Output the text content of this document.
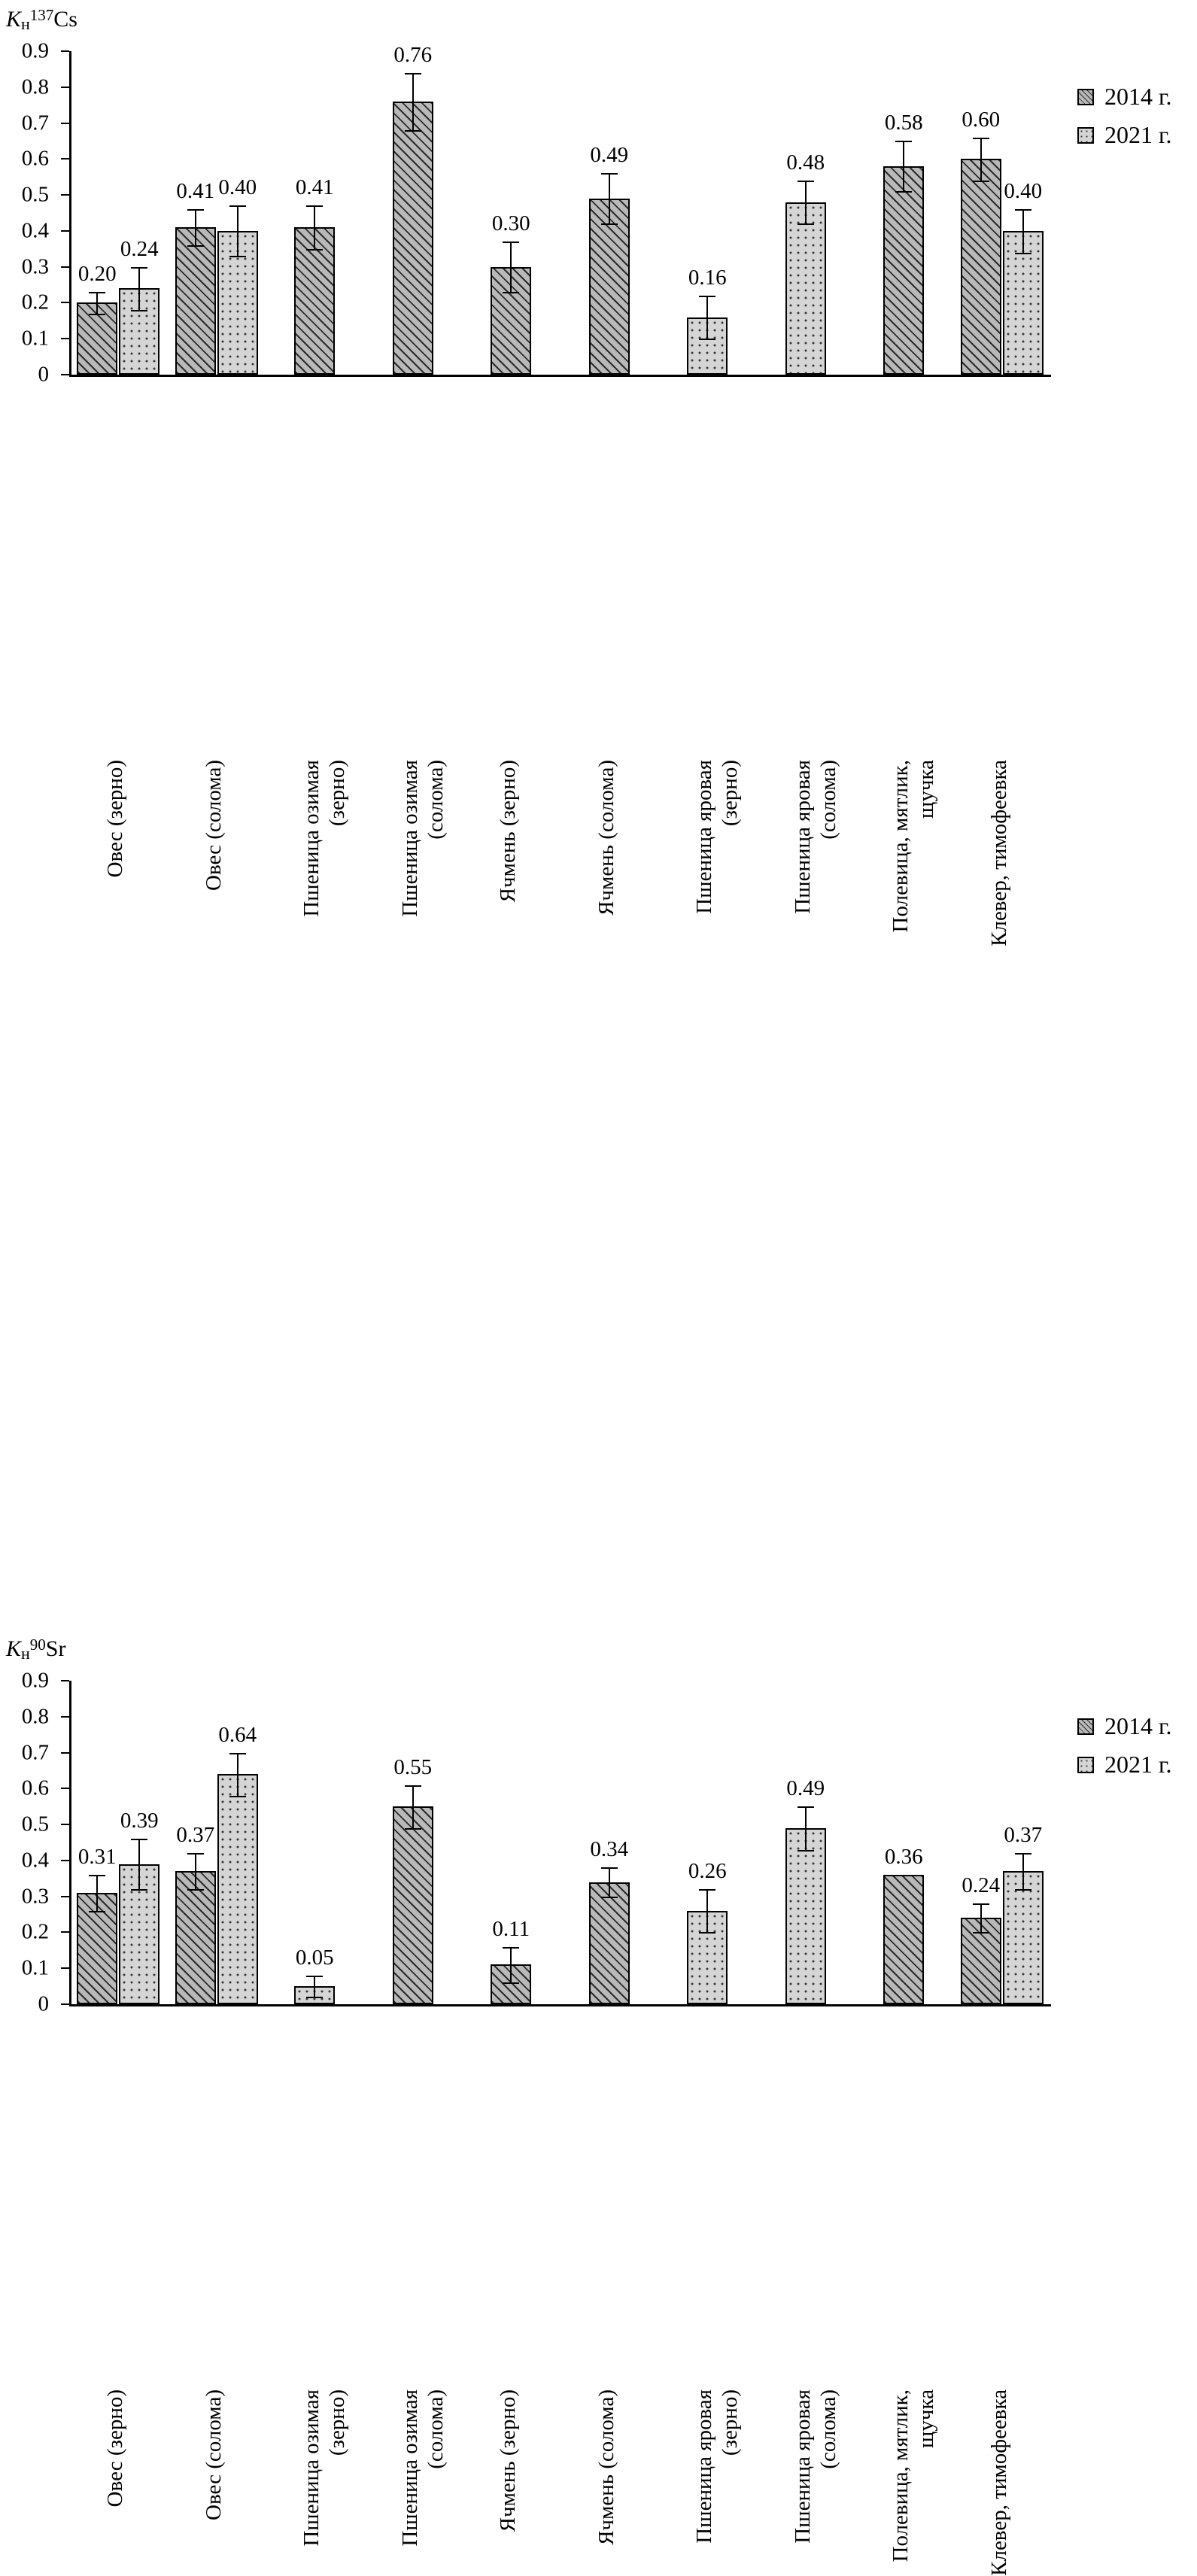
$Kн^{137}Cs$
0
0.1
0.2
0.3
0.4
0.5
0.6
0.7
0.8
0.9
0.20
0.24
0.41 0.40 0.41
0.76
0.30
0.49
0.16
0.48
0.58 0.60
0.40
2014 г.
2021 г.
Овес (зерно)	Овес (солома)	Пшеница озимая (зерно) Пшеница озимая (солома) Ячмень (зерно)	Ячмень (солома)	Пшеница яровая (зерно) Пшеница яровая (солома) Полевица, мятлик, щучка Клевер, тимофеевка
$Kн^{90}Sr$
0
0.1
0.2
0.3
0.4
0.5
0.6
0.7
0.8
0.9
0.31
0.39
0.37
0.64
0.05
0.55
0.11
0.34
0.26
0.49
0.36
0.24
0.37
2014 г.
2021 г.
Овес (зерно)	Овес (солома)	Пшеница озимая (зерно) Пшеница озимая (солома) Ячмень (зерно)	Ячмень (солома)	Пшеница яровая (зерно) Пшеница яровая (солома) Полевица, мятлик, щучка Клевер, тимофеевка
